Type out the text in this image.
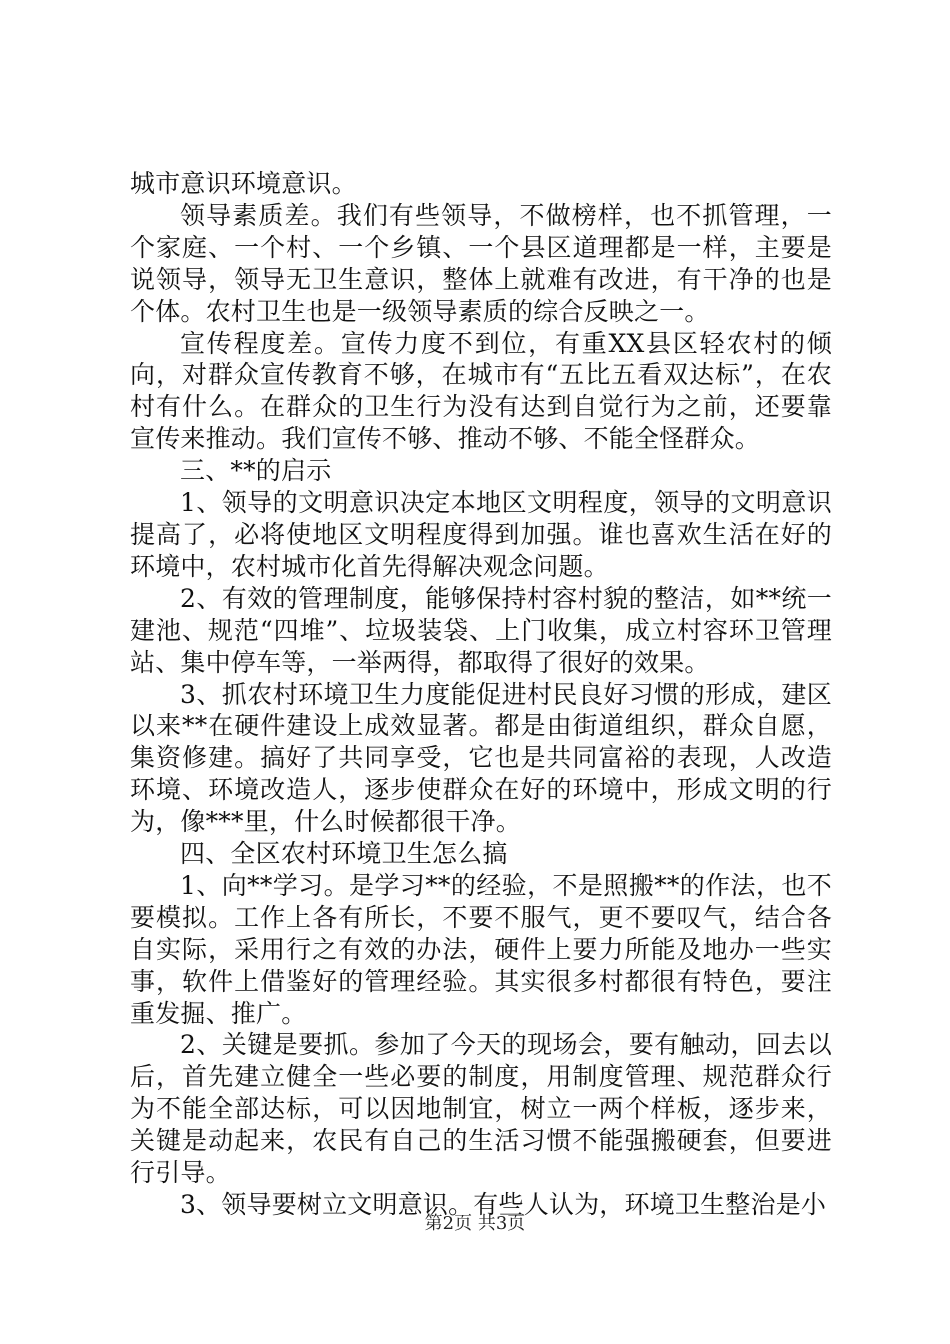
城市意识环境意识。

领导素质差。我们有些领导，不做榜样，也不抓管理，一个家庭、一个村、一个乡镇、一个县区道理都是一样，主要是说领导，领导无卫生意识，整体上就难有改进，有干净的也是个体。农村卫生也是一级领导素质的综合反映之一。

宣传程度差。宣传力度不到位，有重XX县区轻农村的倾向，对群众宣传教育不够，在城市有“五比五看双达标”，在农村有什么。在群众的卫生行为没有达到自觉行为之前，还要靠宣传来推动。我们宣传不够、推动不够、不能全怪群众。

三、**的启示

1、领导的文明意识决定本地区文明程度，领导的文明意识提高了，必将使地区文明程度得到加强。谁也喜欢生活在好的环境中，农村城市化首先得解决观念问题。

2、有效的管理制度，能够保持村容村貌的整洁，如**统一建池、规范“四堆”、垃圾装袋、上门收集，成立村容环卫管理站、集中停车等，一举两得，都取得了很好的效果。

3、抓农村环境卫生力度能促进村民良好习惯的形成，建区以来**在硬件建设上成效显著。都是由街道组织，群众自愿，集资修建。搞好了共同享受，它也是共同富裕的表现，人改造环境、环境改造人，逐步使群众在好的环境中，形成文明的行为，像***里，什么时候都很干净。

四、全区农村环境卫生怎么搞

1、向**学习。是学习**的经验，不是照搬**的作法，也不要模拟。工作上各有所长，不要不服气，更不要叹气，结合各自实际，采用行之有效的办法，硬件上要力所能及地办一些实事，软件上借鉴好的管理经验。其实很多村都很有特色，要注重发掘、推广。

2、关键是要抓。参加了今天的现场会，要有触动，回去以后，首先建立健全一些必要的制度，用制度管理、规范群众行为不能全部达标，可以因地制宜，树立一两个样板，逐步来，关键是动起来，农民有自己的生活习惯不能强搬硬套，但要进行引导。

3、领导要树立文明意识。有些人认为，环境卫生整治是小

第2页 共3页
